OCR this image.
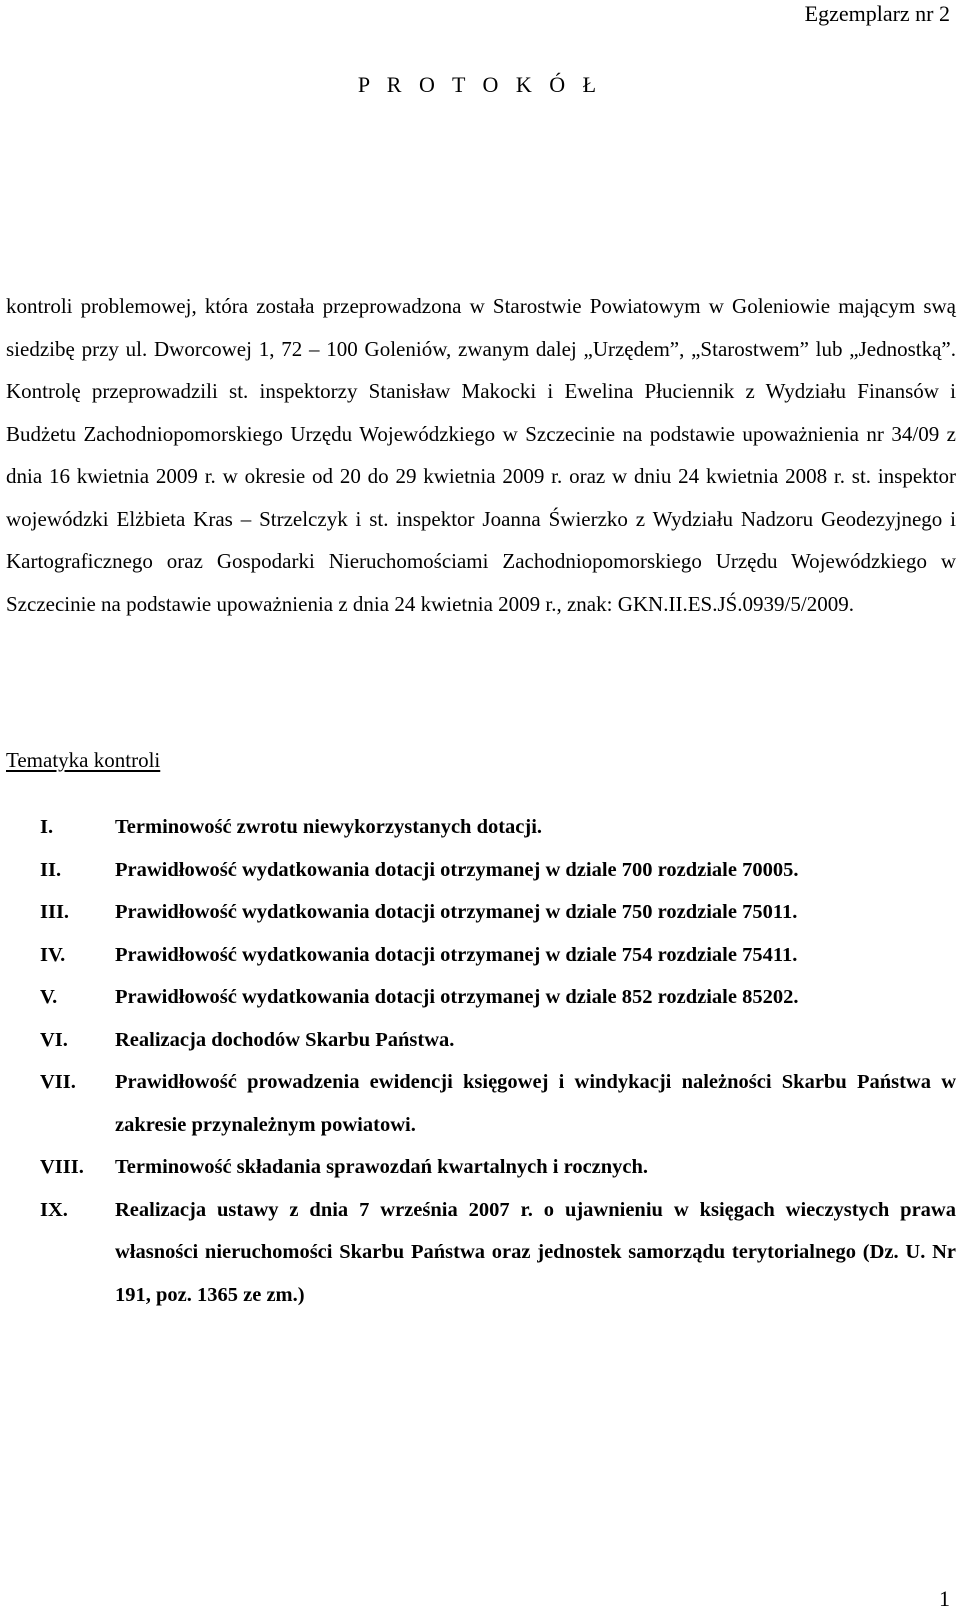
Egzemplarz nr 2
P R O T O K Ó Ł

kontroli problemowej, która została przeprowadzona w Starostwie Powiatowym w Goleniowie mającym swą siedzibę przy ul. Dworcowej 1, 72 – 100 Goleniów, zwanym dalej „Urzędem”, „Starostwem” lub „Jednostką”. Kontrolę przeprowadzili st. inspektorzy Stanisław Makocki i Ewelina Płuciennik z Wydziału Finansów i Budżetu Zachodniopomorskiego Urzędu Wojewódzkiego w Szczecinie na podstawie upoważnienia nr 34/09 z dnia 16 kwietnia 2009 r. w okresie od 20 do 29 kwietnia 2009 r. oraz w dniu 24 kwietnia 2008 r. st. inspektor wojewódzki Elżbieta Kras – Strzelczyk i st. inspektor Joanna Świerzko z Wydziału Nadzoru Geodezyjnego i Kartograficznego oraz Gospodarki Nieruchomościami Zachodniopomorskiego Urzędu Wojewódzkiego w Szczecinie na podstawie upoważnienia z dnia 24 kwietnia 2009 r., znak: GKN.II.ES.JŚ.0939/5/2009.

Tematyka kontroli
I.	Terminowość zwrotu niewykorzystanych dotacji.
II.	Prawidłowość wydatkowania dotacji otrzymanej w dziale 700 rozdziale 70005.
III.	Prawidłowość wydatkowania dotacji otrzymanej w dziale 750 rozdziale 75011.
IV.	Prawidłowość wydatkowania dotacji otrzymanej w dziale 754 rozdziale 75411.
V.	Prawidłowość wydatkowania dotacji otrzymanej w dziale 852 rozdziale 85202.
VI.	Realizacja dochodów Skarbu Państwa.
VII.	Prawidłowość prowadzenia ewidencji księgowej i windykacji należności Skarbu Państwa w zakresie przynależnym powiatowi.
VIII.	Terminowość składania sprawozdań kwartalnych i rocznych.
IX.	Realizacja ustawy z dnia 7 września 2007 r. o ujawnieniu w księgach wieczystych prawa własności nieruchomości Skarbu Państwa oraz jednostek samorządu terytorialnego (Dz. U. Nr 191, poz. 1365 ze zm.)
1
